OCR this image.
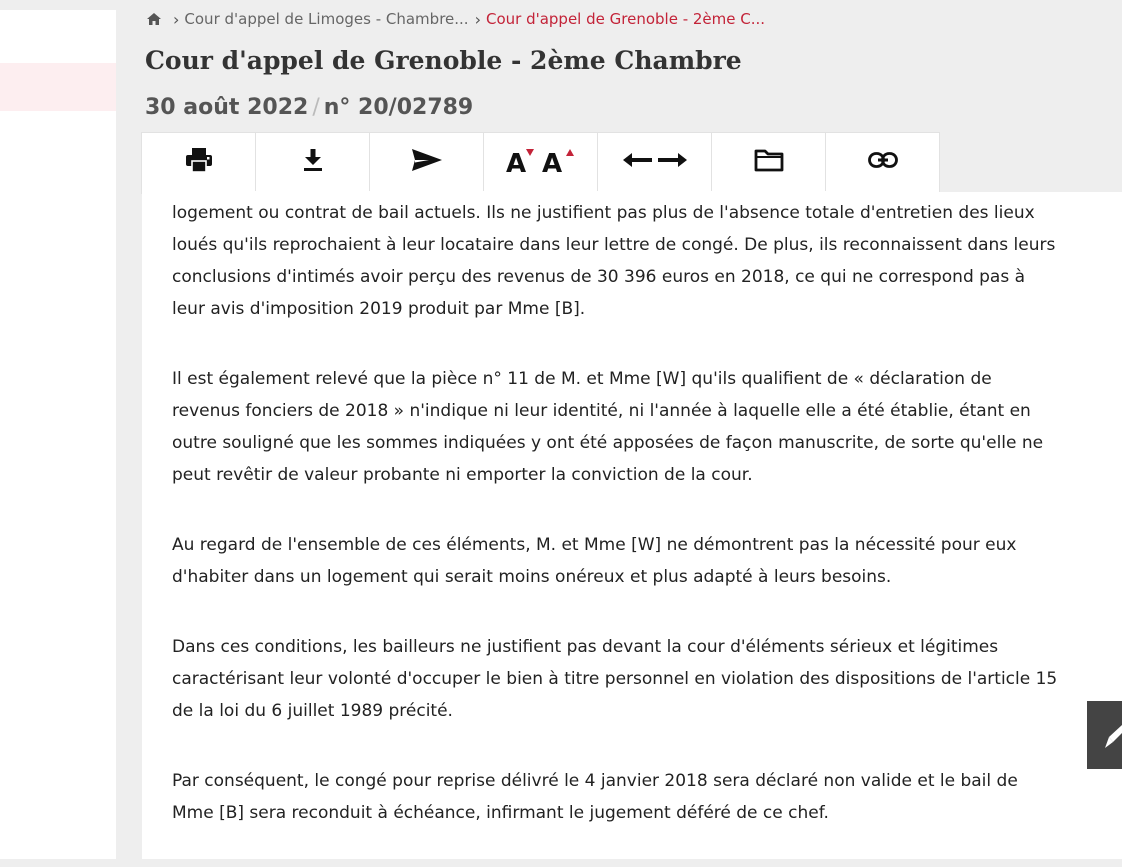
› Cour d'appel de Limoges - Chambre... › Cour d'appel de Grenoble - 2ème C...
Cour d'appel de Grenoble - 2ème Chambre
30 août 2022 / n° 20/02789
A A

logement ou contrat de bail actuels. Ils ne justifient pas plus de l'absence totale d'entretien des lieux loués qu'ils reprochaient à leur locataire dans leur lettre de congé. De plus, ils reconnaissent dans leurs conclusions d'intimés avoir perçu des revenus de 30 396 euros en 2018, ce qui ne correspond pas à leur avis d'imposition 2019 produit par Mme [B].

Il est également relevé que la pièce n° 11 de M. et Mme [W] qu'ils qualifient de « déclaration de revenus fonciers de 2018 » n'indique ni leur identité, ni l'année à laquelle elle a été établie, étant en outre souligné que les sommes indiquées y ont été apposées de façon manuscrite, de sorte qu'elle ne peut revêtir de valeur probante ni emporter la conviction de la cour.

Au regard de l'ensemble de ces éléments, M. et Mme [W] ne démontrent pas la nécessité pour eux d'habiter dans un logement qui serait moins onéreux et plus adapté à leurs besoins.

Dans ces conditions, les bailleurs ne justifient pas devant la cour d'éléments sérieux et légitimes caractérisant leur volonté d'occuper le bien à titre personnel en violation des dispositions de l'article 15 de la loi du 6 juillet 1989 précité.

Par conséquent, le congé pour reprise délivré le 4 janvier 2018 sera déclaré non valide et le bail de Mme [B] sera reconduit à échéance, infirmant le jugement déféré de ce chef.
